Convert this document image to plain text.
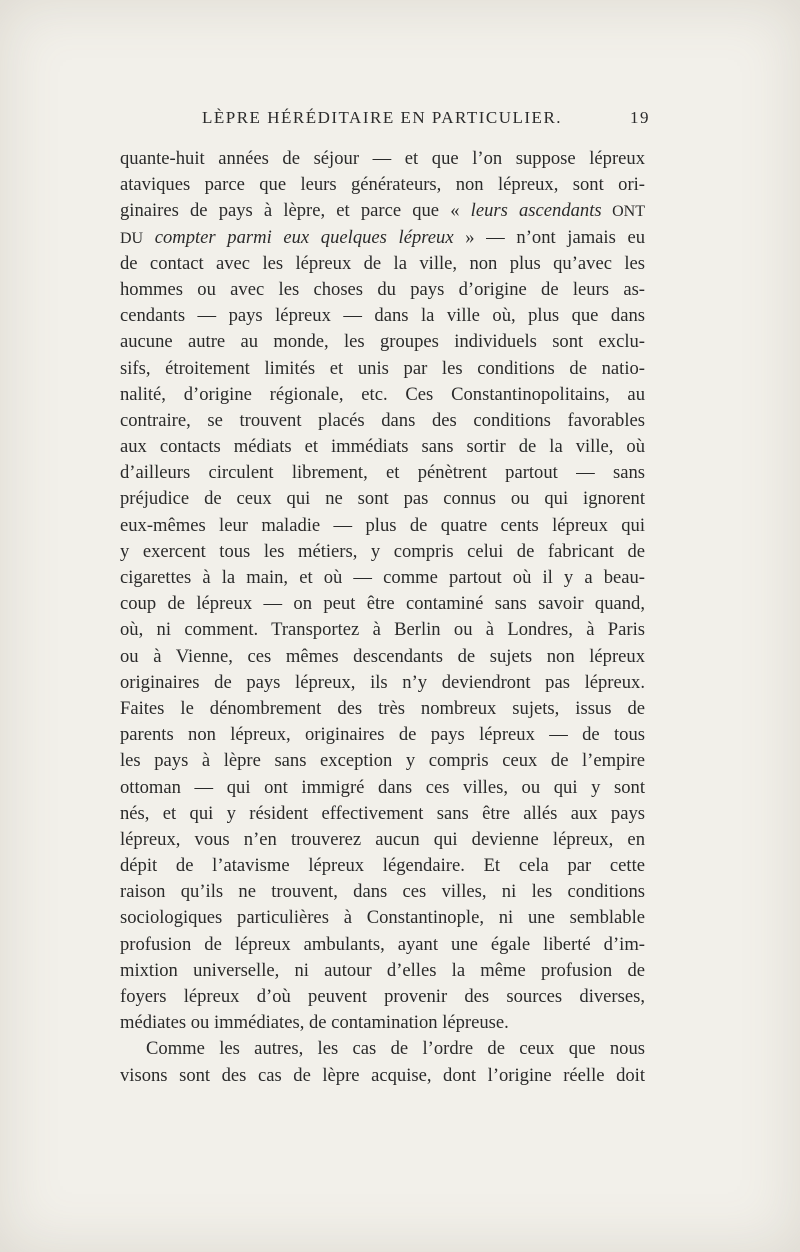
LÈPRE HÉRÉDITAIRE EN PARTICULIER.	19
quante-huit années de séjour — et que l’on suppose lépreux
ataviques parce que leurs générateurs, non lépreux, sont ori-
ginaires de pays à lèpre, et parce que « leurs ascendants ONT
DU compter parmi eux quelques lépreux » — n’ont jamais eu
de contact avec les lépreux de la ville, non plus qu’avec les
hommes ou avec les choses du pays d’origine de leurs as-
cendants — pays lépreux — dans la ville où, plus que dans
aucune autre au monde, les groupes individuels sont exclu-
sifs, étroitement limités et unis par les conditions de natio-
nalité, d’origine régionale, etc. Ces Constantinopolitains, au
contraire, se trouvent placés dans des conditions favorables
aux contacts médiats et immédiats sans sortir de la ville, où
d’ailleurs circulent librement, et pénètrent partout — sans
préjudice de ceux qui ne sont pas connus ou qui ignorent
eux-mêmes leur maladie — plus de quatre cents lépreux qui
y exercent tous les métiers, y compris celui de fabricant de
cigarettes à la main, et où — comme partout où il y a beau-
coup de lépreux — on peut être contaminé sans savoir quand,
où, ni comment. Transportez à Berlin ou à Londres, à Paris
ou à Vienne, ces mêmes descendants de sujets non lépreux
originaires de pays lépreux, ils n’y deviendront pas lépreux.
Faites le dénombrement des très nombreux sujets, issus de
parents non lépreux, originaires de pays lépreux — de tous
les pays à lèpre sans exception y compris ceux de l’empire
ottoman — qui ont immigré dans ces villes, ou qui y sont
nés, et qui y résident effectivement sans être allés aux pays
lépreux, vous n’en trouverez aucun qui devienne lépreux, en
dépit de l’atavisme lépreux légendaire. Et cela par cette
raison qu’ils ne trouvent, dans ces villes, ni les conditions
sociologiques particulières à Constantinople, ni une semblable
profusion de lépreux ambulants, ayant une égale liberté d’im-
mixtion universelle, ni autour d’elles la même profusion de
foyers lépreux d’où peuvent provenir des sources diverses,
médiates ou immédiates, de contamination lépreuse.
Comme les autres, les cas de l’ordre de ceux que nous
visons sont des cas de lèpre acquise, dont l’origine réelle doit
